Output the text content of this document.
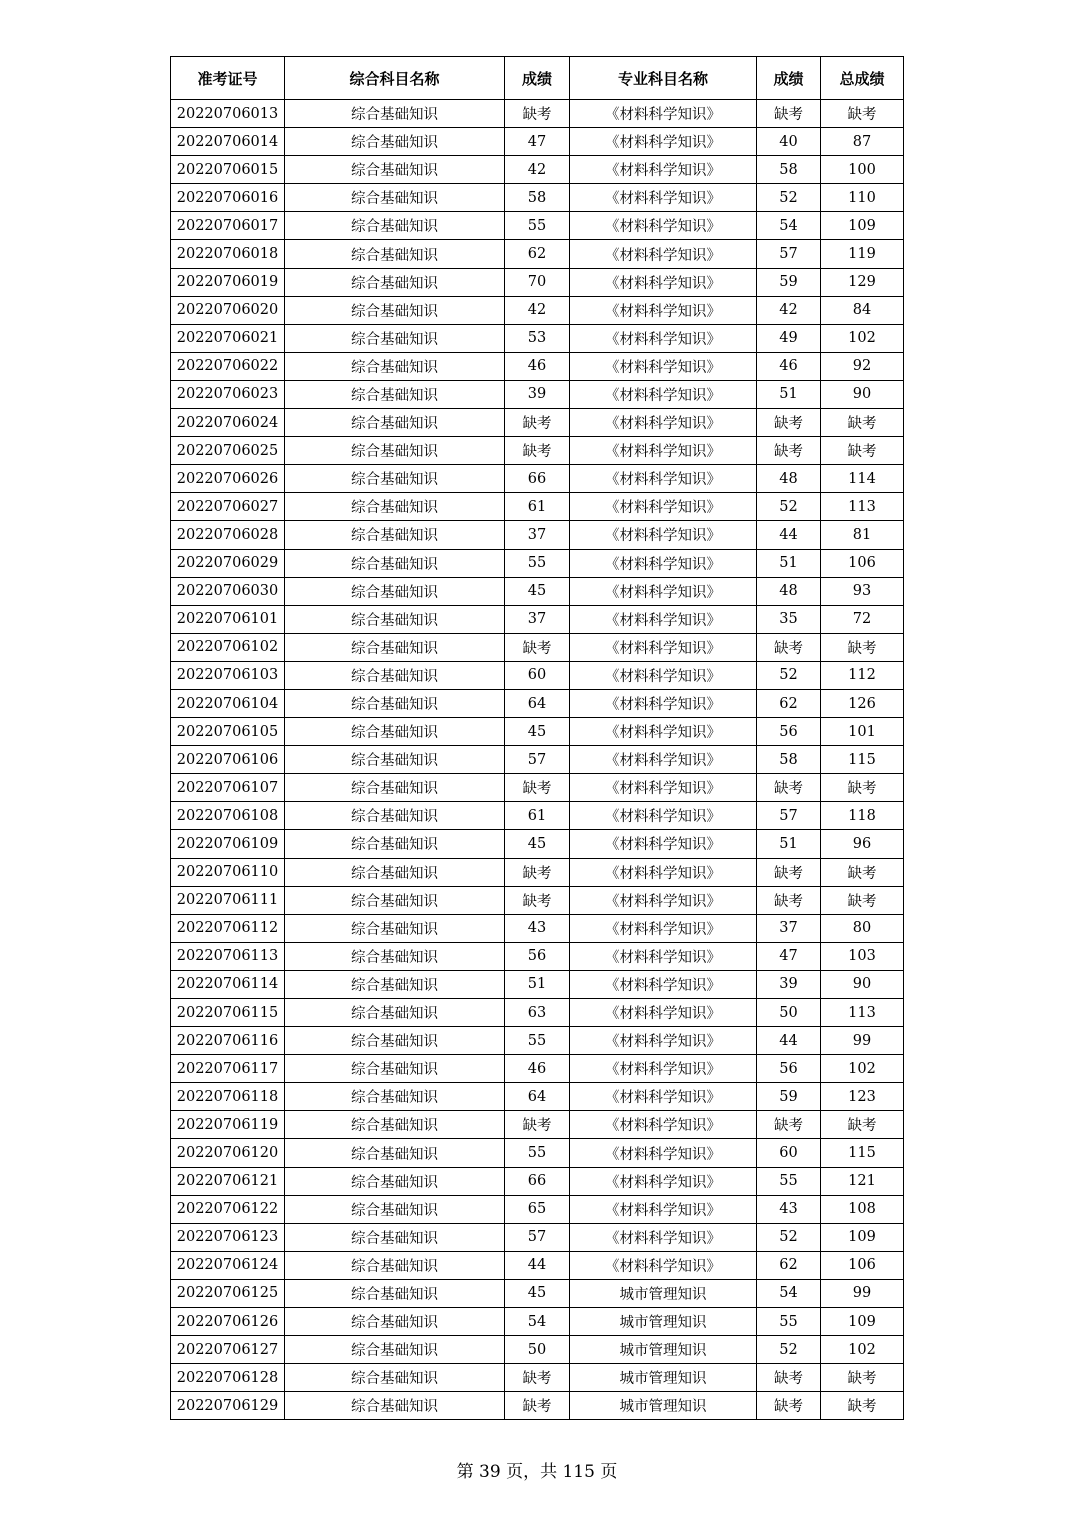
准考证号	综合科目名称	成绩	专业科目名称	成绩	总成绩
20220706013	综合基础知识	缺考	《材料科学知识》	缺考	缺考
20220706014	综合基础知识	47	《材料科学知识》	40	87
20220706015	综合基础知识	42	《材料科学知识》	58	100
20220706016	综合基础知识	58	《材料科学知识》	52	110
20220706017	综合基础知识	55	《材料科学知识》	54	109
20220706018	综合基础知识	62	《材料科学知识》	57	119
20220706019	综合基础知识	70	《材料科学知识》	59	129
20220706020	综合基础知识	42	《材料科学知识》	42	84
20220706021	综合基础知识	53	《材料科学知识》	49	102
20220706022	综合基础知识	46	《材料科学知识》	46	92
20220706023	综合基础知识	39	《材料科学知识》	51	90
20220706024	综合基础知识	缺考	《材料科学知识》	缺考	缺考
20220706025	综合基础知识	缺考	《材料科学知识》	缺考	缺考
20220706026	综合基础知识	66	《材料科学知识》	48	114
20220706027	综合基础知识	61	《材料科学知识》	52	113
20220706028	综合基础知识	37	《材料科学知识》	44	81
20220706029	综合基础知识	55	《材料科学知识》	51	106
20220706030	综合基础知识	45	《材料科学知识》	48	93
20220706101	综合基础知识	37	《材料科学知识》	35	72
20220706102	综合基础知识	缺考	《材料科学知识》	缺考	缺考
20220706103	综合基础知识	60	《材料科学知识》	52	112
20220706104	综合基础知识	64	《材料科学知识》	62	126
20220706105	综合基础知识	45	《材料科学知识》	56	101
20220706106	综合基础知识	57	《材料科学知识》	58	115
20220706107	综合基础知识	缺考	《材料科学知识》	缺考	缺考
20220706108	综合基础知识	61	《材料科学知识》	57	118
20220706109	综合基础知识	45	《材料科学知识》	51	96
20220706110	综合基础知识	缺考	《材料科学知识》	缺考	缺考
20220706111	综合基础知识	缺考	《材料科学知识》	缺考	缺考
20220706112	综合基础知识	43	《材料科学知识》	37	80
20220706113	综合基础知识	56	《材料科学知识》	47	103
20220706114	综合基础知识	51	《材料科学知识》	39	90
20220706115	综合基础知识	63	《材料科学知识》	50	113
20220706116	综合基础知识	55	《材料科学知识》	44	99
20220706117	综合基础知识	46	《材料科学知识》	56	102
20220706118	综合基础知识	64	《材料科学知识》	59	123
20220706119	综合基础知识	缺考	《材料科学知识》	缺考	缺考
20220706120	综合基础知识	55	《材料科学知识》	60	115
20220706121	综合基础知识	66	《材料科学知识》	55	121
20220706122	综合基础知识	65	《材料科学知识》	43	108
20220706123	综合基础知识	57	《材料科学知识》	52	109
20220706124	综合基础知识	44	《材料科学知识》	62	106
20220706125	综合基础知识	45	城市管理知识	54	99
20220706126	综合基础知识	54	城市管理知识	55	109
20220706127	综合基础知识	50	城市管理知识	52	102
20220706128	综合基础知识	缺考	城市管理知识	缺考	缺考
20220706129	综合基础知识	缺考	城市管理知识	缺考	缺考
第 39 页，共 115 页
